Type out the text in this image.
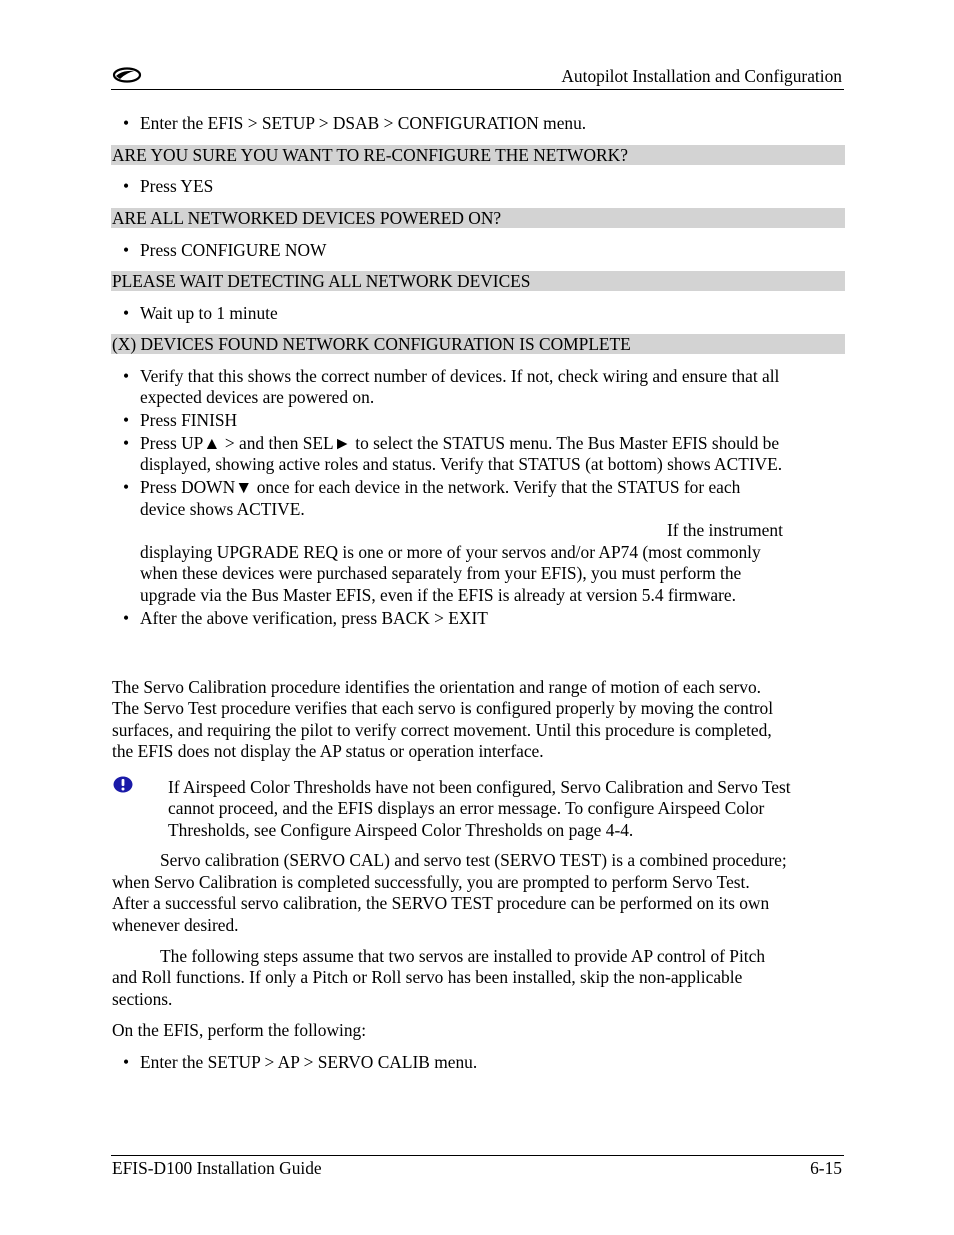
Autopilot Installation and Configuration
• Enter the EFIS > SETUP > DSAB > CONFIGURATION menu.
ARE YOU SURE YOU WANT TO RE-CONFIGURE THE NETWORK?
• Press YES
ARE ALL NETWORKED DEVICES POWERED ON?
• Press CONFIGURE NOW
PLEASE WAIT DETECTING ALL NETWORK DEVICES
• Wait up to 1 minute
(X) DEVICES FOUND NETWORK CONFIGURATION IS COMPLETE
• Verify that this shows the correct number of devices. If not, check wiring and ensure that all
expected devices are powered on.
• Press FINISH
• Press UP▲ > and then SEL► to select the STATUS menu. The Bus Master EFIS should be
displayed, showing active roles and status. Verify that STATUS (at bottom) shows ACTIVE.
• Press DOWN▼ once for each device in the network. Verify that the STATUS for each
device shows ACTIVE.
If the instrument
displaying UPGRADE REQ is one or more of your servos and/or AP74 (most commonly
when these devices were purchased separately from your EFIS), you must perform the
upgrade via the Bus Master EFIS, even if the EFIS is already at version 5.4 firmware.
• After the above verification, press BACK > EXIT
The Servo Calibration procedure identifies the orientation and range of motion of each servo.
The Servo Test procedure verifies that each servo is configured properly by moving the control
surfaces, and requiring the pilot to verify correct movement. Until this procedure is completed,
the EFIS does not display the AP status or operation interface.
If Airspeed Color Thresholds have not been configured, Servo Calibration and Servo Test
cannot proceed, and the EFIS displays an error message. To configure Airspeed Color
Thresholds, see Configure Airspeed Color Thresholds on page 4-4.
Servo calibration (SERVO CAL) and servo test (SERVO TEST) is a combined procedure;
when Servo Calibration is completed successfully, you are prompted to perform Servo Test.
After a successful servo calibration, the SERVO TEST procedure can be performed on its own
whenever desired.
The following steps assume that two servos are installed to provide AP control of Pitch
and Roll functions. If only a Pitch or Roll servo has been installed, skip the non-applicable
sections.
On the EFIS, perform the following:
• Enter the SETUP > AP > SERVO CALIB menu.
EFIS-D100 Installation Guide	6-15
